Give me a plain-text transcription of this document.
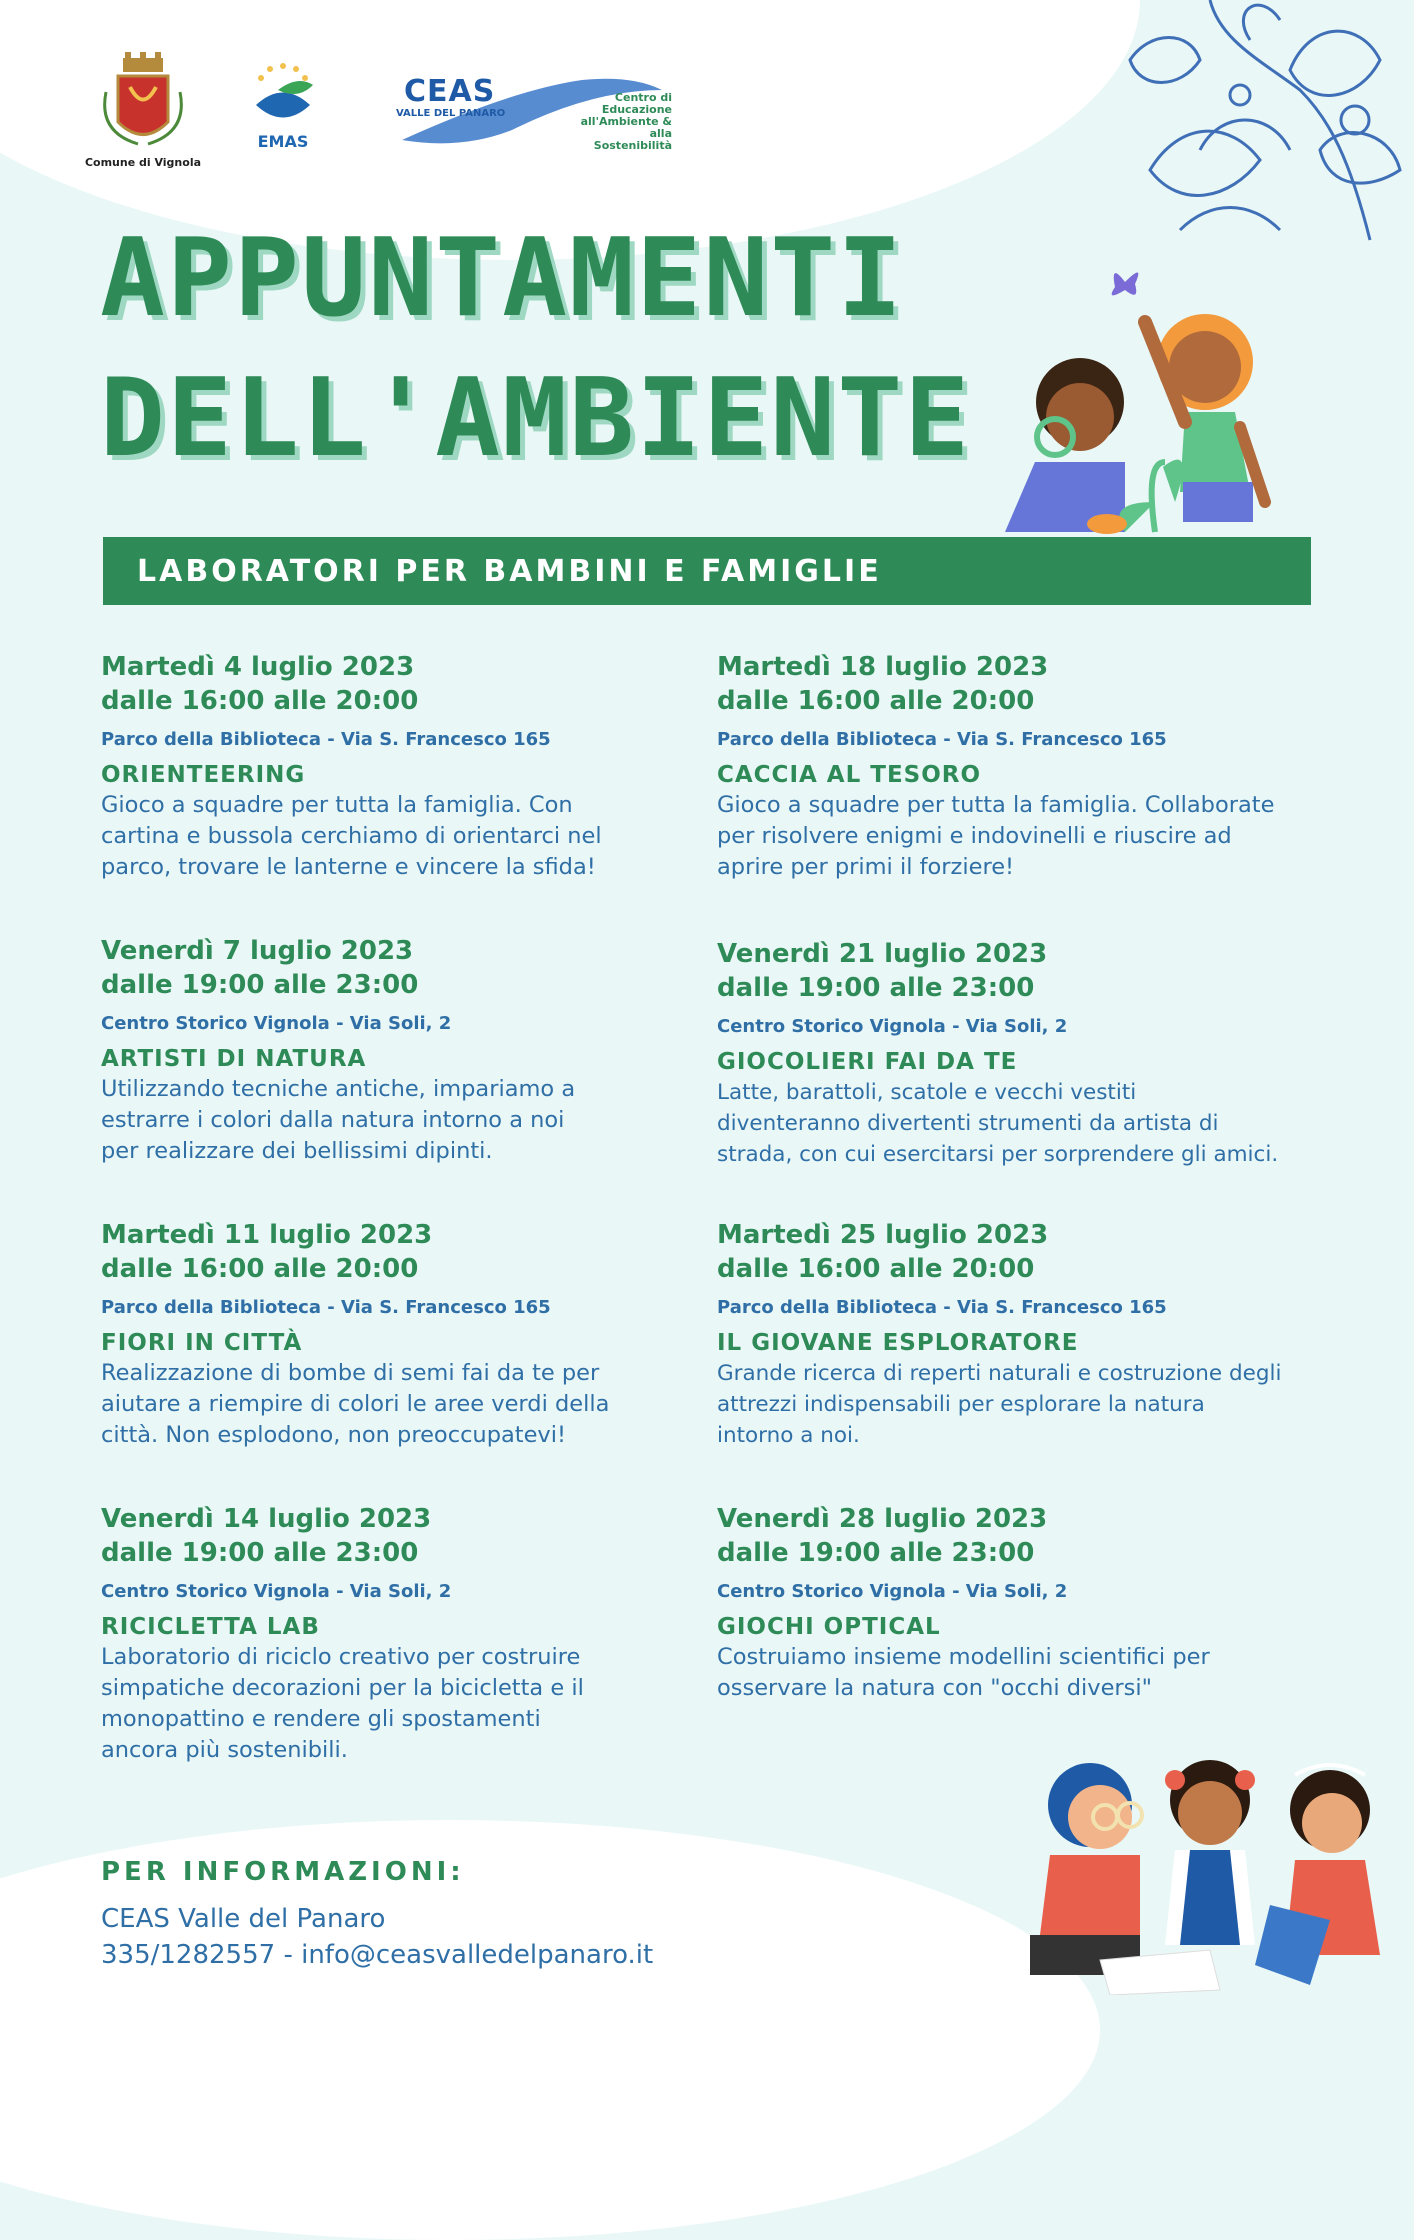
Comune di Vignola
EMAS
CEAS
VALLE DEL PANARO
Centro di
Educazione
all'Ambiente &
alla Sostenibilità
APPUNTAMENTI
DELL'AMBIENTE
LABORATORI PER BAMBINI E FAMIGLIE
Martedì 4 luglio 2023
dalle 16:00 alle 20:00
Parco della Biblioteca - Via S. Francesco 165
ORIENTEERING
Gioco a squadre per tutta la famiglia. Con
cartina e bussola cerchiamo di orientarci nel
parco, trovare le lanterne e vincere la sfida!
Venerdì 7 luglio 2023
dalle 19:00 alle 23:00
Centro Storico Vignola - Via Soli, 2
ARTISTI DI NATURA
Utilizzando tecniche antiche, impariamo a
estrarre i colori dalla natura intorno a noi
per realizzare dei bellissimi dipinti.
Martedì 11 luglio 2023
dalle 16:00 alle 20:00
Parco della Biblioteca - Via S. Francesco 165
FIORI IN CITTÀ
Realizzazione di bombe di semi fai da te per
aiutare a riempire di colori le aree verdi della
città. Non esplodono, non preoccupatevi!
Venerdì 14 luglio 2023
dalle 19:00 alle 23:00
Centro Storico Vignola - Via Soli, 2
RICICLETTA LAB
Laboratorio di riciclo creativo per costruire
simpatiche decorazioni per la bicicletta e il
monopattino e rendere gli spostamenti
ancora più sostenibili.
Martedì 18 luglio 2023
dalle 16:00 alle 20:00
Parco della Biblioteca - Via S. Francesco 165
CACCIA AL TESORO
Gioco a squadre per tutta la famiglia. Collaborate
per risolvere enigmi e indovinelli e riuscire ad
aprire per primi il forziere!
Venerdì 21 luglio 2023
dalle 19:00 alle 23:00
Centro Storico Vignola - Via Soli, 2
GIOCOLIERI FAI DA TE
Latte, barattoli, scatole e vecchi vestiti
diventeranno divertenti strumenti da artista di
strada, con cui esercitarsi per sorprendere gli amici.
Martedì 25 luglio 2023
dalle 16:00 alle 20:00
Parco della Biblioteca - Via S. Francesco 165
IL GIOVANE ESPLORATORE
Grande ricerca di reperti naturali e costruzione degli
attrezzi indispensabili per esplorare la natura
intorno a noi.
Venerdì 28 luglio 2023
dalle 19:00 alle 23:00
Centro Storico Vignola - Via Soli, 2
GIOCHI OPTICAL
Costruiamo insieme modellini scientifici per
osservare la natura con "occhi diversi"
PER INFORMAZIONI:
CEAS Valle del Panaro
335/1282557 - info@ceasvalledelpanaro.it
